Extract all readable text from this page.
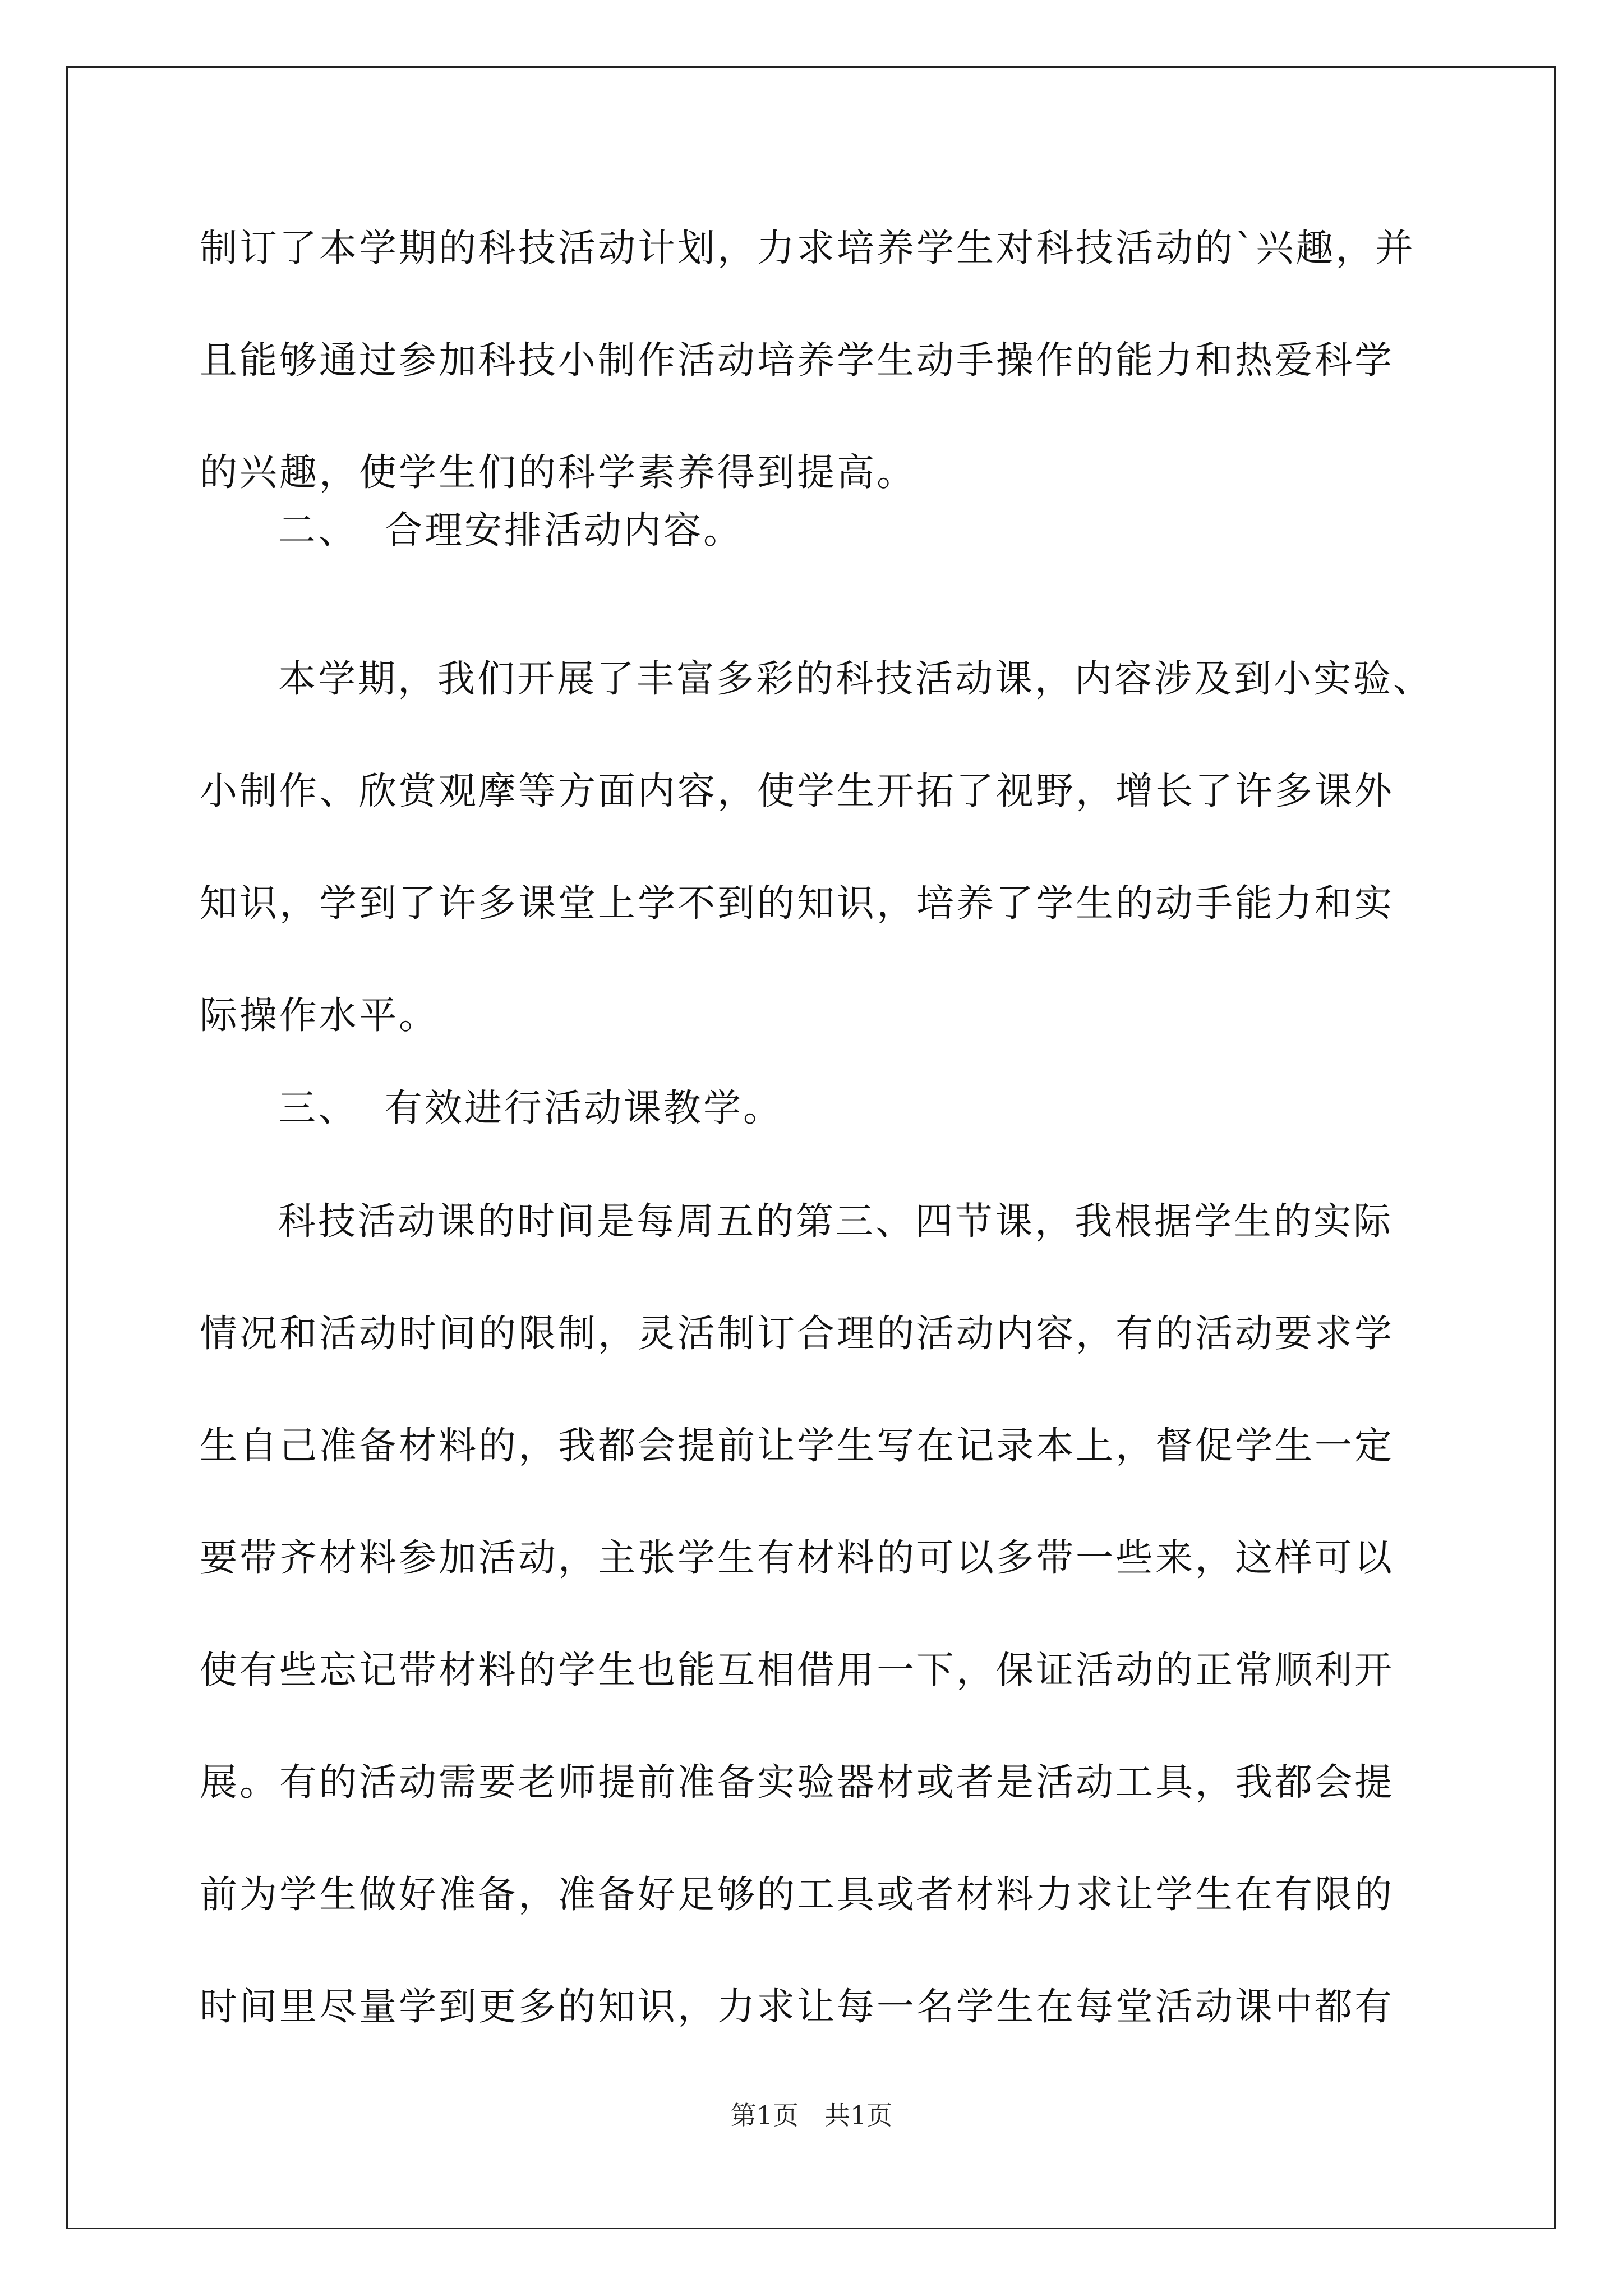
制订了本学期的科技活动计划，力求培养学生对科技活动的`兴趣，并
且能够通过参加科技小制作活动培养学生动手操作的能力和热爱科学
的兴趣，使学生们的科学素养得到提高。
二、 合理安排活动内容。
本学期，我们开展了丰富多彩的科技活动课，内容涉及到小实验、
小制作、欣赏观摩等方面内容，使学生开拓了视野，增长了许多课外
知识，学到了许多课堂上学不到的知识，培养了学生的动手能力和实
际操作水平。
三、 有效进行活动课教学。
科技活动课的时间是每周五的第三、四节课，我根据学生的实际
情况和活动时间的限制，灵活制订合理的活动内容，有的活动要求学
生自己准备材料的，我都会提前让学生写在记录本上，督促学生一定
要带齐材料参加活动，主张学生有材料的可以多带一些来，这样可以
使有些忘记带材料的学生也能互相借用一下，保证活动的正常顺利开
展。有的活动需要老师提前准备实验器材或者是活动工具，我都会提
前为学生做好准备，准备好足够的工具或者材料力求让学生在有限的
时间里尽量学到更多的知识，力求让每一名学生在每堂活动课中都有
第1页　共1页
